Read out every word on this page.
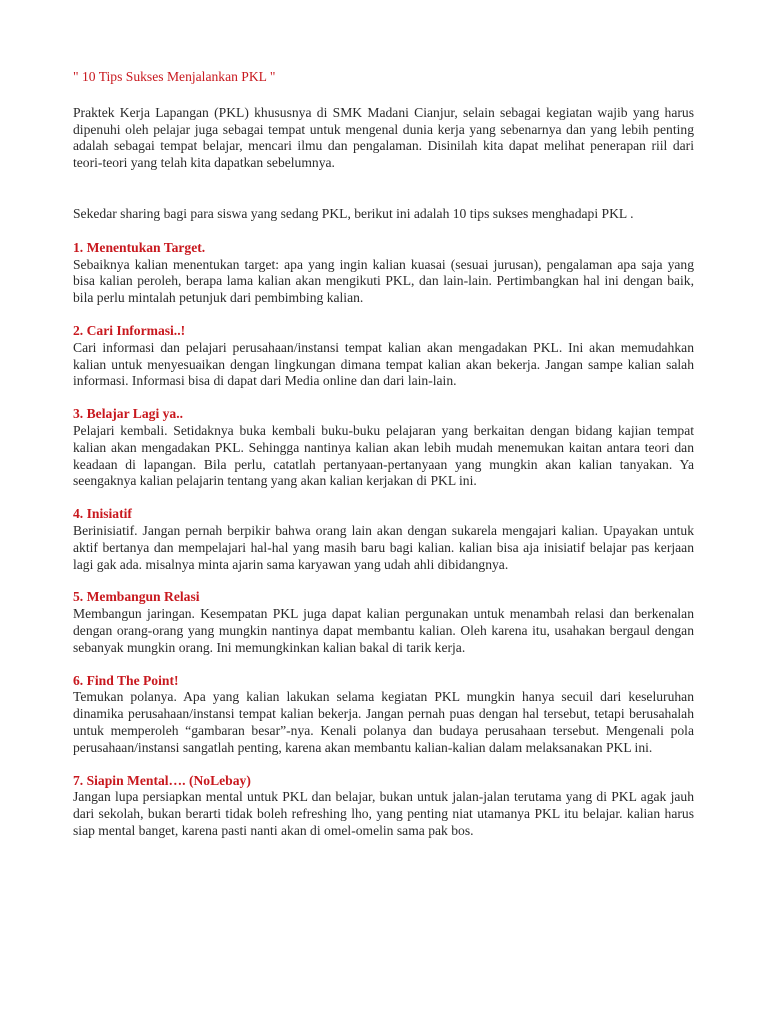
" 10 Tips Sukses Menjalankan PKL "

Praktek Kerja Lapangan (PKL) khususnya di SMK Madani Cianjur, selain sebagai kegiatan wajib yang harus dipenuhi oleh pelajar juga sebagai tempat untuk mengenal dunia kerja yang sebenarnya dan yang lebih penting adalah sebagai tempat belajar, mencari ilmu dan pengalaman. Disinilah kita dapat melihat penerapan riil dari teori-teori yang telah kita dapatkan sebelumnya.

Sekedar sharing bagi para siswa yang sedang PKL, berikut ini adalah 10 tips sukses menghadapi PKL .

1. Menentukan Target.

Sebaiknya kalian menentukan target: apa yang ingin kalian kuasai (sesuai jurusan), pengalaman apa saja yang bisa kalian peroleh, berapa lama kalian akan mengikuti PKL, dan lain-lain. Pertimbangkan hal ini dengan baik, bila perlu mintalah petunjuk dari pembimbing kalian.

2. Cari Informasi..!

Cari informasi dan pelajari perusahaan/instansi tempat kalian akan mengadakan PKL. Ini akan memudahkan kalian untuk menyesuaikan dengan lingkungan dimana tempat kalian akan bekerja. Jangan sampe kalian salah informasi. Informasi bisa di dapat dari Media online dan dari lain-lain.

3. Belajar Lagi ya..

Pelajari kembali. Setidaknya buka kembali buku-buku pelajaran yang berkaitan dengan bidang kajian tempat kalian akan mengadakan PKL. Sehingga nantinya kalian akan lebih mudah menemukan kaitan antara teori dan keadaan di lapangan. Bila perlu, catatlah pertanyaan-pertanyaan yang mungkin akan kalian tanyakan. Ya seengaknya kalian pelajarin tentang yang akan kalian kerjakan di PKL ini.

4. Inisiatif

Berinisiatif. Jangan pernah berpikir bahwa orang lain akan dengan sukarela mengajari kalian. Upayakan untuk aktif bertanya dan mempelajari hal-hal yang masih baru bagi kalian. kalian bisa aja inisiatif belajar pas kerjaan lagi gak ada. misalnya minta ajarin sama karyawan yang udah ahli dibidangnya.

5. Membangun Relasi

Membangun jaringan. Kesempatan PKL juga dapat kalian pergunakan untuk menambah relasi dan berkenalan dengan orang-orang yang mungkin nantinya dapat membantu kalian. Oleh karena itu, usahakan bergaul dengan sebanyak mungkin orang. Ini memungkinkan kalian bakal di tarik kerja.

6. Find The Point!

Temukan polanya. Apa yang kalian lakukan selama kegiatan PKL mungkin hanya secuil dari keseluruhan dinamika perusahaan/instansi tempat kalian bekerja. Jangan pernah puas dengan hal tersebut, tetapi berusahalah untuk memperoleh “gambaran besar”-nya. Kenali polanya dan budaya perusahaan tersebut. Mengenali pola perusahaan/instansi sangatlah penting, karena akan membantu kalian-kalian dalam melaksanakan PKL ini.

7. Siapin Mental…. (NoLebay)

Jangan lupa persiapkan mental untuk PKL dan belajar, bukan untuk jalan-jalan terutama yang di PKL agak jauh dari sekolah, bukan berarti tidak boleh refreshing lho, yang penting niat utamanya PKL itu belajar. kalian harus siap mental banget, karena pasti nanti akan di omel-omelin sama pak bos.
